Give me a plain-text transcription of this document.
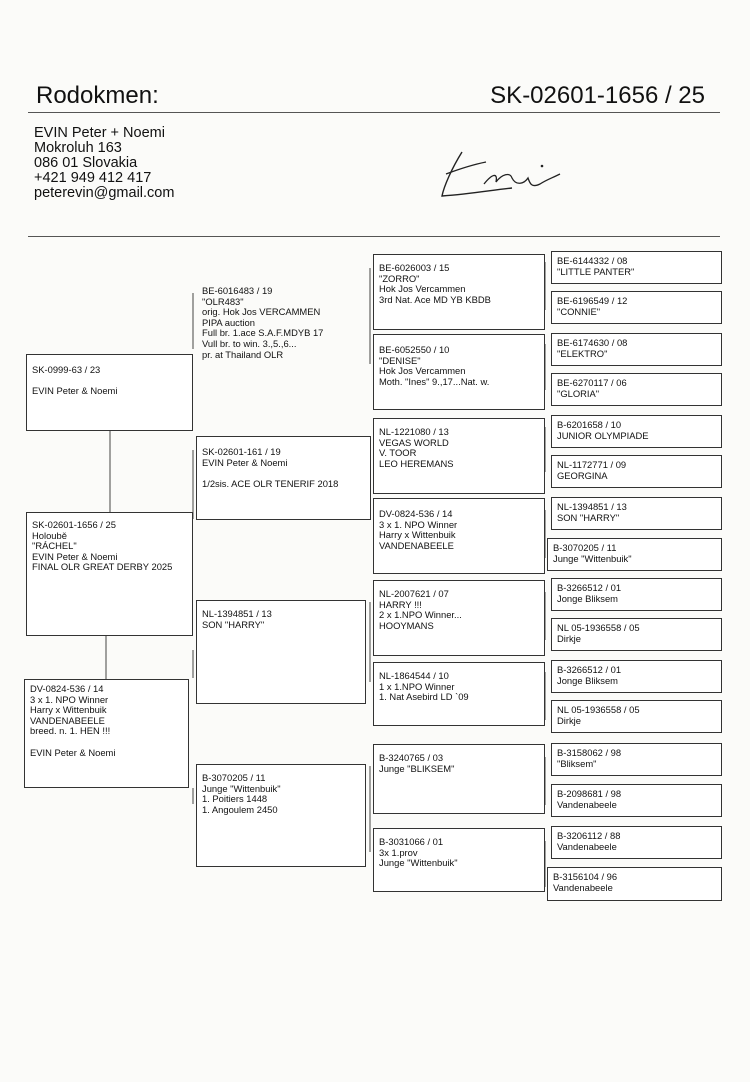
Rodokmen:	SK-02601-1656 / 25
EVIN Peter + Noemi
Mokroluh 163
086 01 Slovakia
+421 949 412 417
peterevin@gmail.com
SK-0999-63 / 23
EVIN Peter & Noemi
SK-02601-1656 / 25
Holoubě
"RÁCHEL"
EVIN Peter & Noemi
FINAL OLR GREAT DERBY 2025
DV-0824-536 / 14
3 x 1. NPO Winner
Harry x Wittenbuik
VANDENABEELE
breed. n. 1. HEN !!!
EVIN Peter & Noemi
BE-6016483 / 19
"OLR483"
orig. Hok Jos VERCAMMEN
PIPA auction
Full br. 1.ace S.A.F.MDYB 17
Vull br. to win. 3.,5.,6...
pr. at Thailand OLR
SK-02601-161 / 19
EVIN Peter & Noemi
1/2sis. ACE OLR TENERIF 2018
NL-1394851 / 13
SON "HARRY"
B-3070205 / 11
Junge "Wittenbuik"
1. Poitiers 1448
1. Angoulem 2450
BE-6026003 / 15
"ZORRO"
Hok Jos Vercammen
3rd Nat. Ace MD YB KBDB
BE-6052550 / 10
"DENISE"
Hok Jos Vercammen
Moth. "Ines" 9.,17...Nat. w.
NL-1221080 / 13
VEGAS WORLD
V. TOOR
LEO HEREMANS
DV-0824-536 / 14
3 x 1. NPO Winner
Harry x Wittenbuik
VANDENABEELE
NL-2007621 / 07
HARRY !!!
2 x 1.NPO Winner...
HOOYMANS
NL-1864544 / 10
1 x 1.NPO Winner
1. Nat Asebird LD `09
B-3240765 / 03
Junge "BLIKSEM"
B-3031066 / 01
3x 1.prov
Junge "Wittenbuik"
BE-6144332 / 08
"LITTLE PANTER"
BE-6196549 / 12
"CONNIE"
BE-6174630 / 08
"ELEKTRO"
BE-6270117 / 06
"GLORIA"
B-6201658 / 10
JUNIOR OLYMPIADE
NL-1172771 / 09
GEORGINA
NL-1394851 / 13
SON "HARRY"
B-3070205 / 11
Junge "Wittenbuik"
B-3266512 / 01
Jonge Bliksem
NL 05-1936558 / 05
Dirkje
B-3266512 / 01
Jonge Bliksem
NL 05-1936558 / 05
Dirkje
B-3158062 / 98
"Bliksem"
B-2098681 / 98
Vandenabeele
B-3206112 / 88
Vandenabeele
B-3156104 / 96
Vandenabeele
